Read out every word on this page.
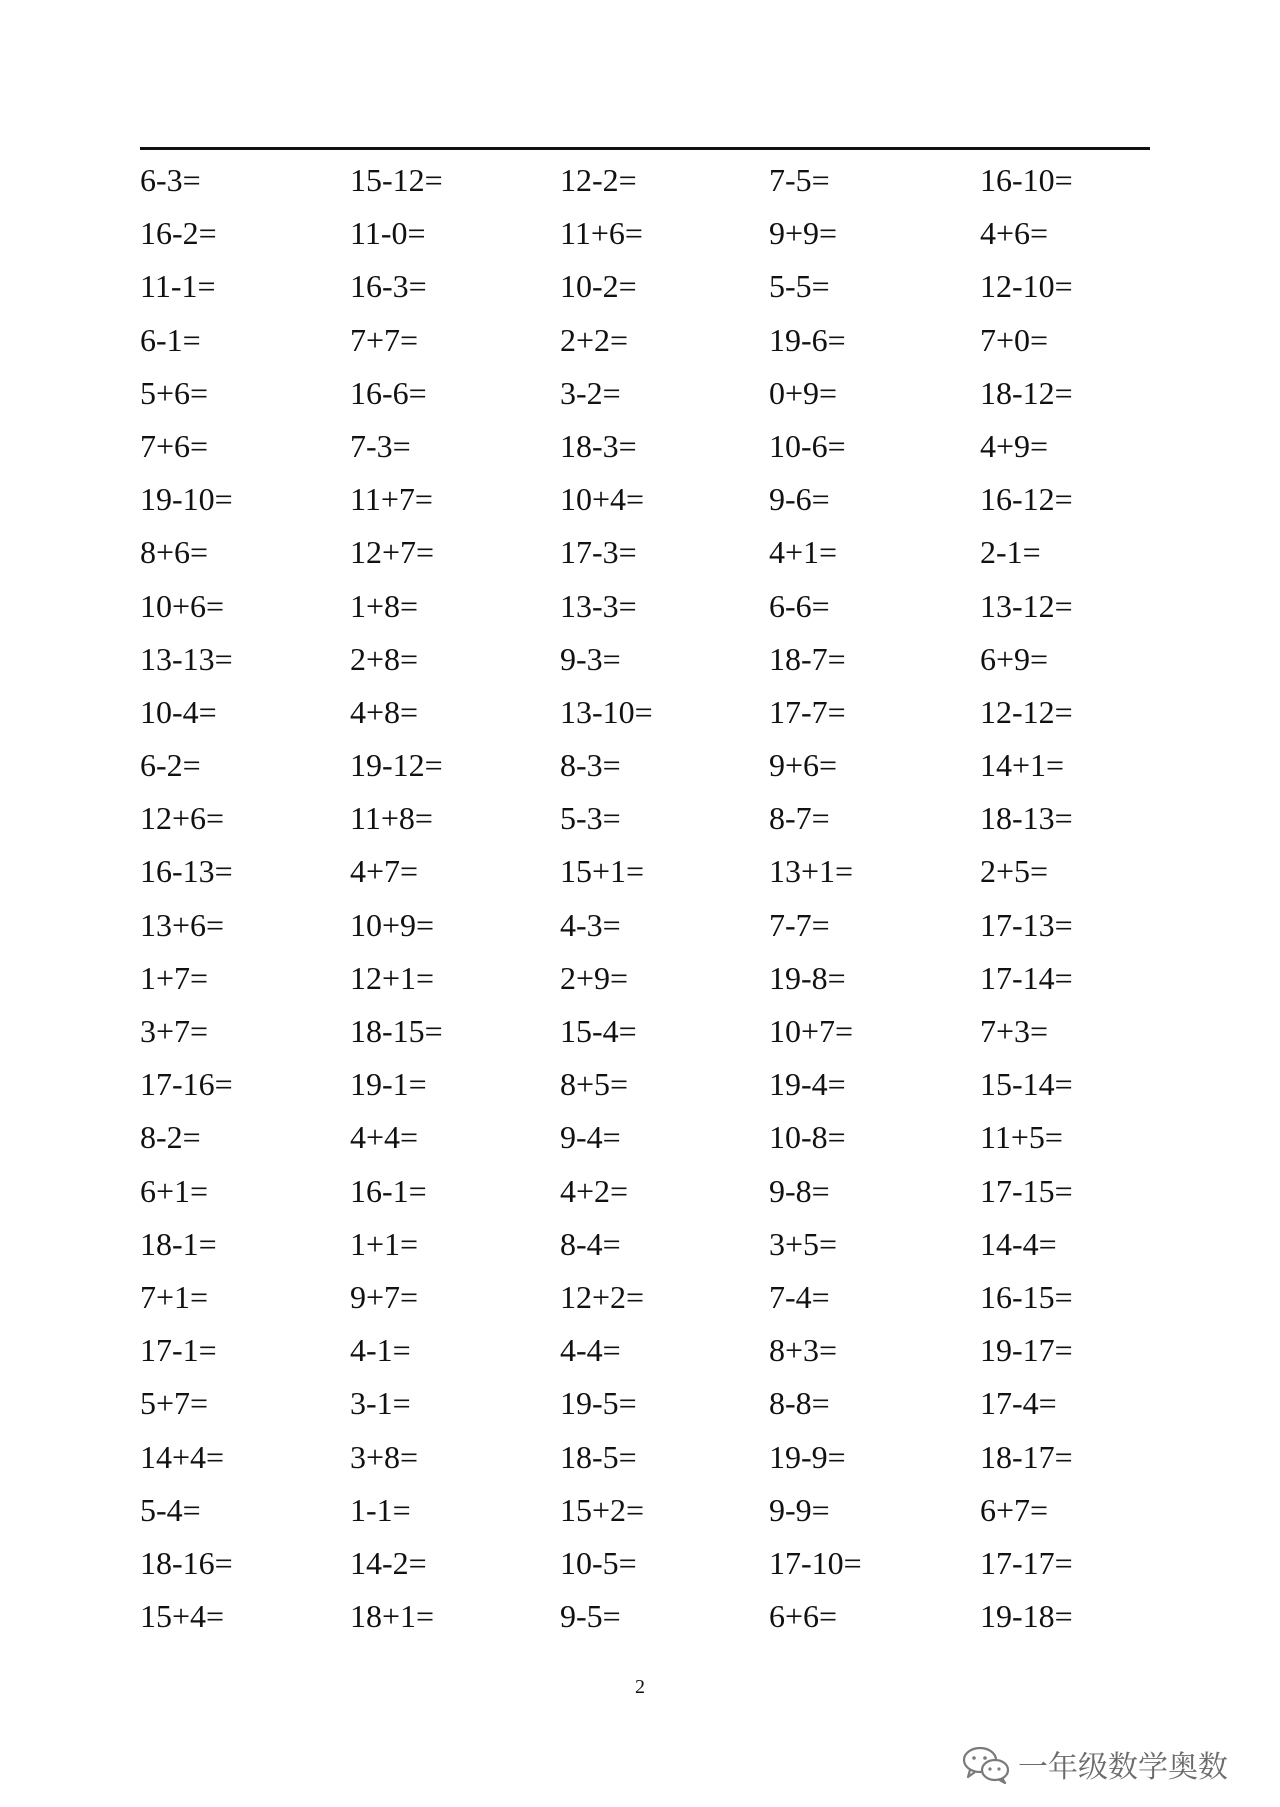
6-3=	15-12=	12-2=	7-5=	16-10=
16-2=	11-0=	11+6=	9+9=	4+6=
11-1=	16-3=	10-2=	5-5=	12-10=
6-1=	7+7=	2+2=	19-6=	7+0=
5+6=	16-6=	3-2=	0+9=	18-12=
7+6=	7-3=	18-3=	10-6=	4+9=
19-10=	11+7=	10+4=	9-6=	16-12=
8+6=	12+7=	17-3=	4+1=	2-1=
10+6=	1+8=	13-3=	6-6=	13-12=
13-13=	2+8=	9-3=	18-7=	6+9=
10-4=	4+8=	13-10=	17-7=	12-12=
6-2=	19-12=	8-3=	9+6=	14+1=
12+6=	11+8=	5-3=	8-7=	18-13=
16-13=	4+7=	15+1=	13+1=	2+5=
13+6=	10+9=	4-3=	7-7=	17-13=
1+7=	12+1=	2+9=	19-8=	17-14=
3+7=	18-15=	15-4=	10+7=	7+3=
17-16=	19-1=	8+5=	19-4=	15-14=
8-2=	4+4=	9-4=	10-8=	11+5=
6+1=	16-1=	4+2=	9-8=	17-15=
18-1=	1+1=	8-4=	3+5=	14-4=
7+1=	9+7=	12+2=	7-4=	16-15=
17-1=	4-1=	4-4=	8+3=	19-17=
5+7=	3-1=	19-5=	8-8=	17-4=
14+4=	3+8=	18-5=	19-9=	18-17=
5-4=	1-1=	15+2=	9-9=	6+7=
18-16=	14-2=	10-5=	17-10=	17-17=
15+4=	18+1=	9-5=	6+6=	19-18=
2
一年级数学奥数
